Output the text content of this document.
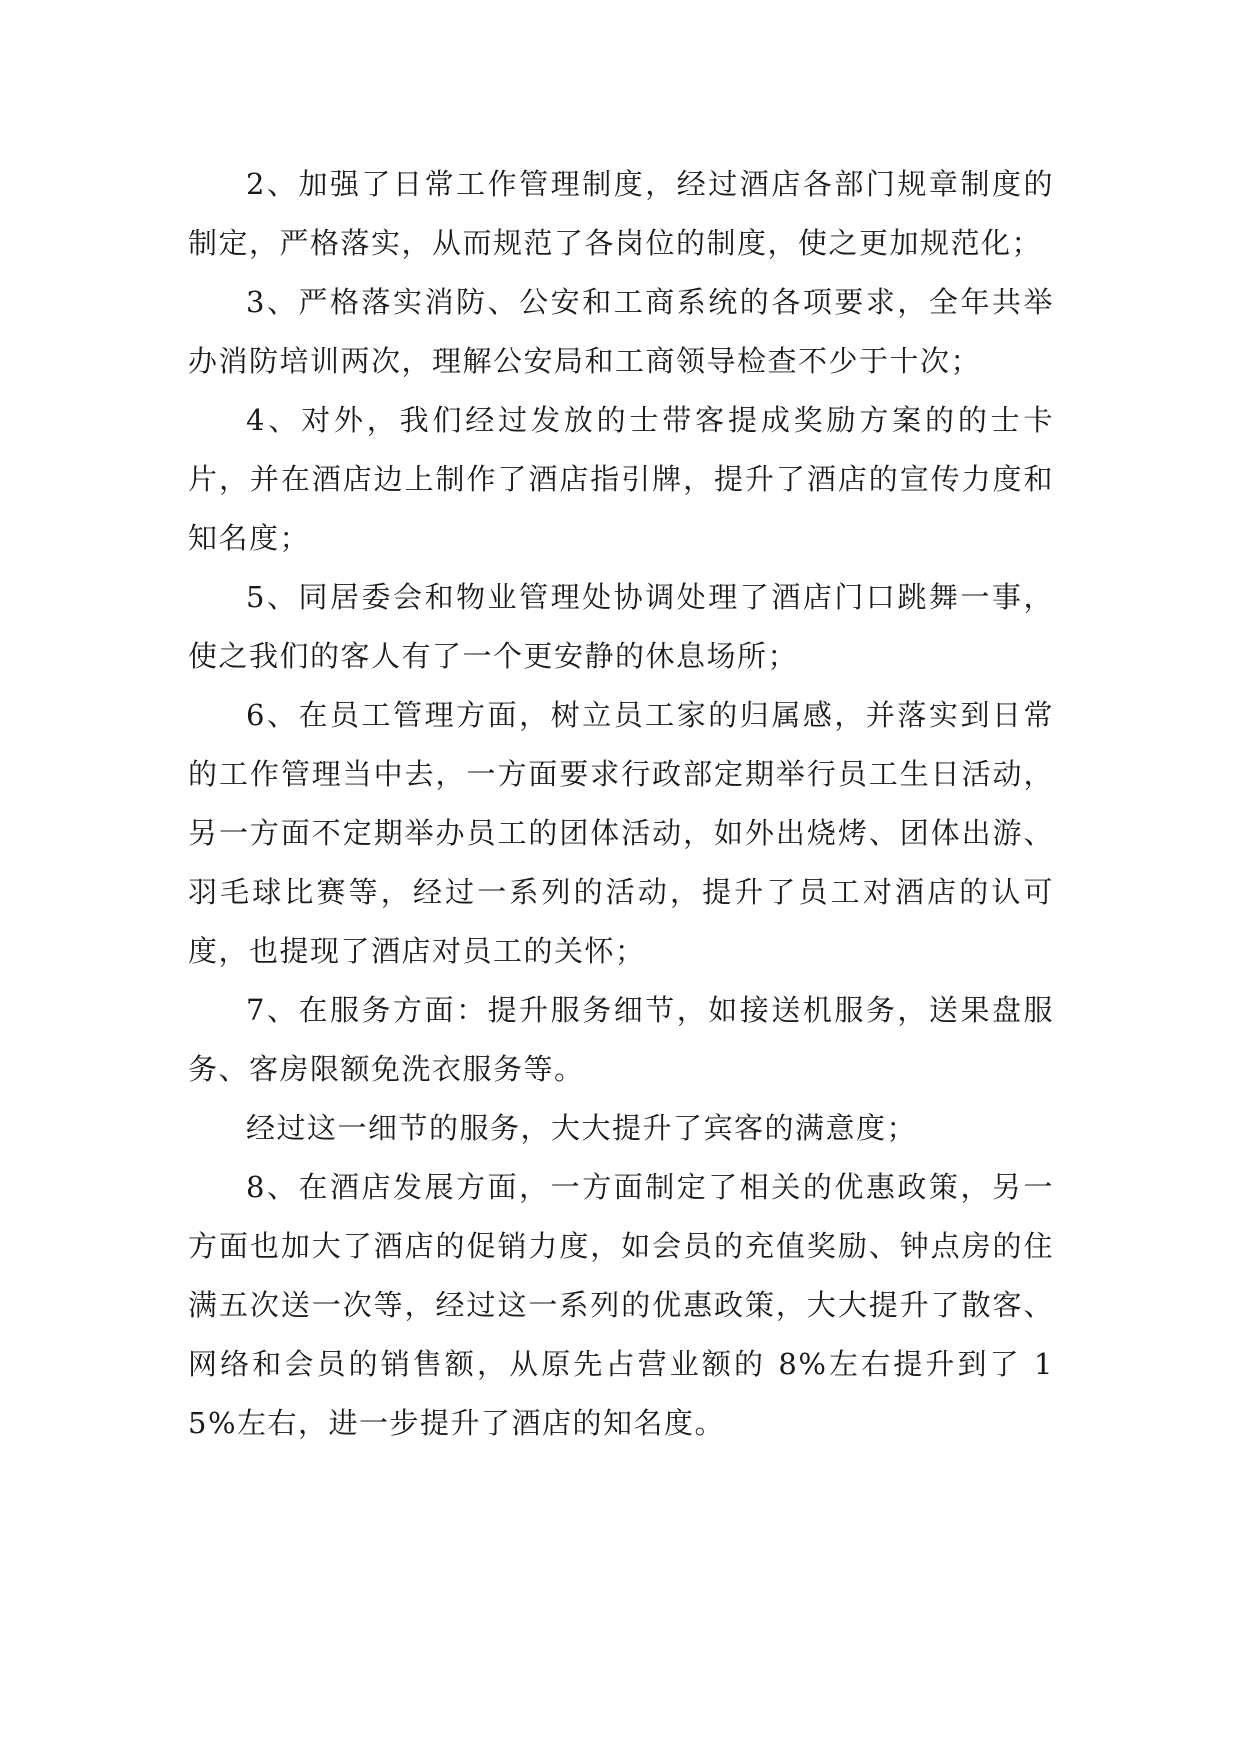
2、加强了日常工作管理制度，经过酒店各部门规章制度的制定，严格落实，从而规范了各岗位的制度，使之更加规范化；

3、严格落实消防、公安和工商系统的各项要求，全年共举办消防培训两次，理解公安局和工商领导检查不少于十次；

4、对外，我们经过发放的士带客提成奖励方案的的士卡片，并在酒店边上制作了酒店指引牌，提升了酒店的宣传力度和知名度；

5、同居委会和物业管理处协调处理了酒店门口跳舞一事，使之我们的客人有了一个更安静的休息场所；

6、在员工管理方面，树立员工家的归属感，并落实到日常的工作管理当中去，一方面要求行政部定期举行员工生日活动，另一方面不定期举办员工的团体活动，如外出烧烤、团体出游、羽毛球比赛等，经过一系列的活动，提升了员工对酒店的认可度，也提现了酒店对员工的关怀；

7、在服务方面：提升服务细节，如接送机服务，送果盘服务、客房限额免洗衣服务等。

经过这一细节的服务，大大提升了宾客的满意度；

8、在酒店发展方面，一方面制定了相关的优惠政策，另一方面也加大了酒店的促销力度，如会员的充值奖励、钟点房的住满五次送一次等，经过这一系列的优惠政策，大大提升了散客、网络和会员的销售额，从原先占营业额的 8%左右提升到了 15%左右，进一步提升了酒店的知名度。
